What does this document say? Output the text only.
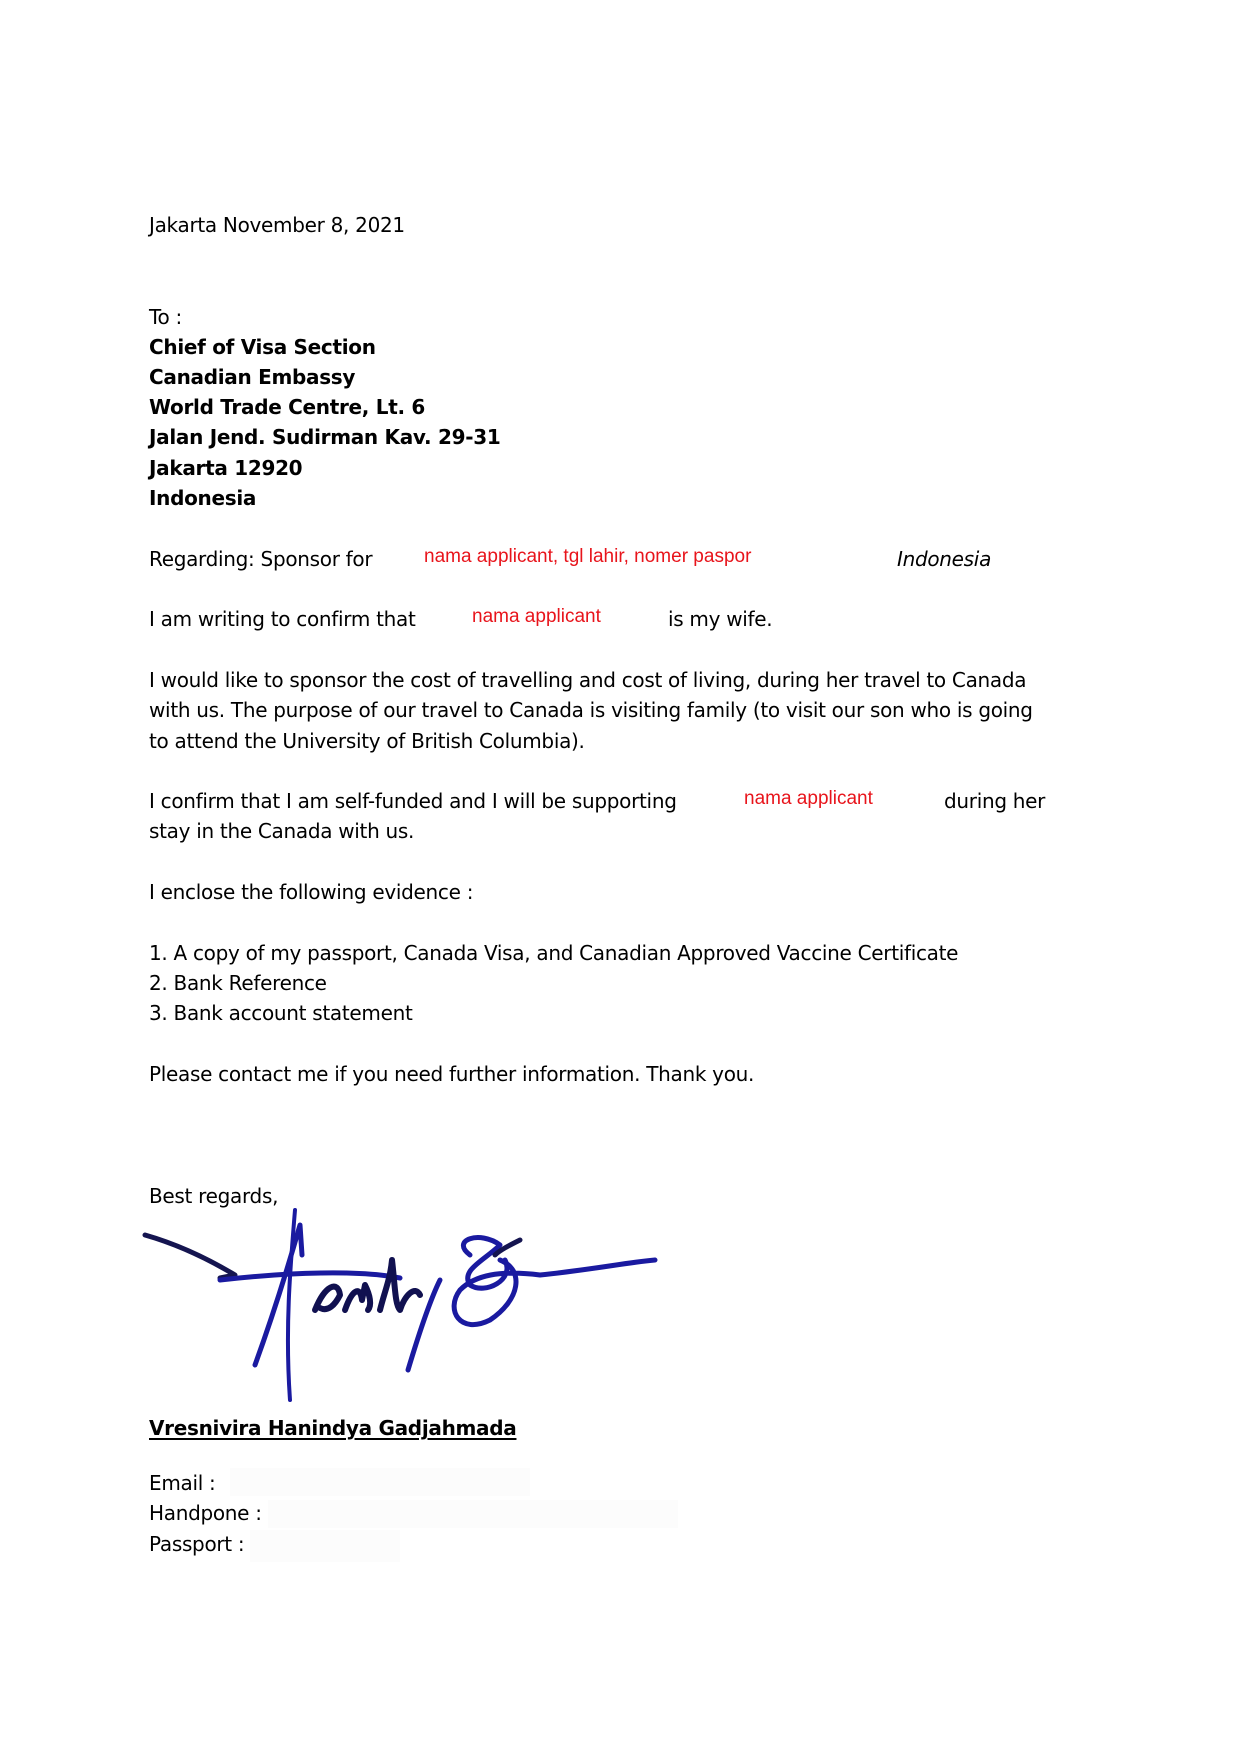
Jakarta November 8, 2021
To :
Chief of Visa Section
Canadian Embassy
World Trade Centre, Lt. 6
Jalan Jend. Sudirman Kav. 29-31
Jakarta 12920
Indonesia
Regarding: Sponsor for	nama applicant, tgl lahir, nomer paspor	Indonesia
I am writing to confirm that	nama applicant	is my wife.
I would like to sponsor the cost of travelling and cost of living, during her travel to Canada
with us. The purpose of our travel to Canada is visiting family (to visit our son who is going
to attend the University of British Columbia).
I confirm that I am self-funded and I will be supporting	nama applicant	during her
stay in the Canada with us.
I enclose the following evidence :
1. A copy of my passport, Canada Visa, and Canadian Approved Vaccine Certificate
2. Bank Reference
3. Bank account statement
Please contact me if you need further information. Thank you.
Best regards,
Vresnivira Hanindya Gadjahmada
Email :
Handpone :
Passport :
